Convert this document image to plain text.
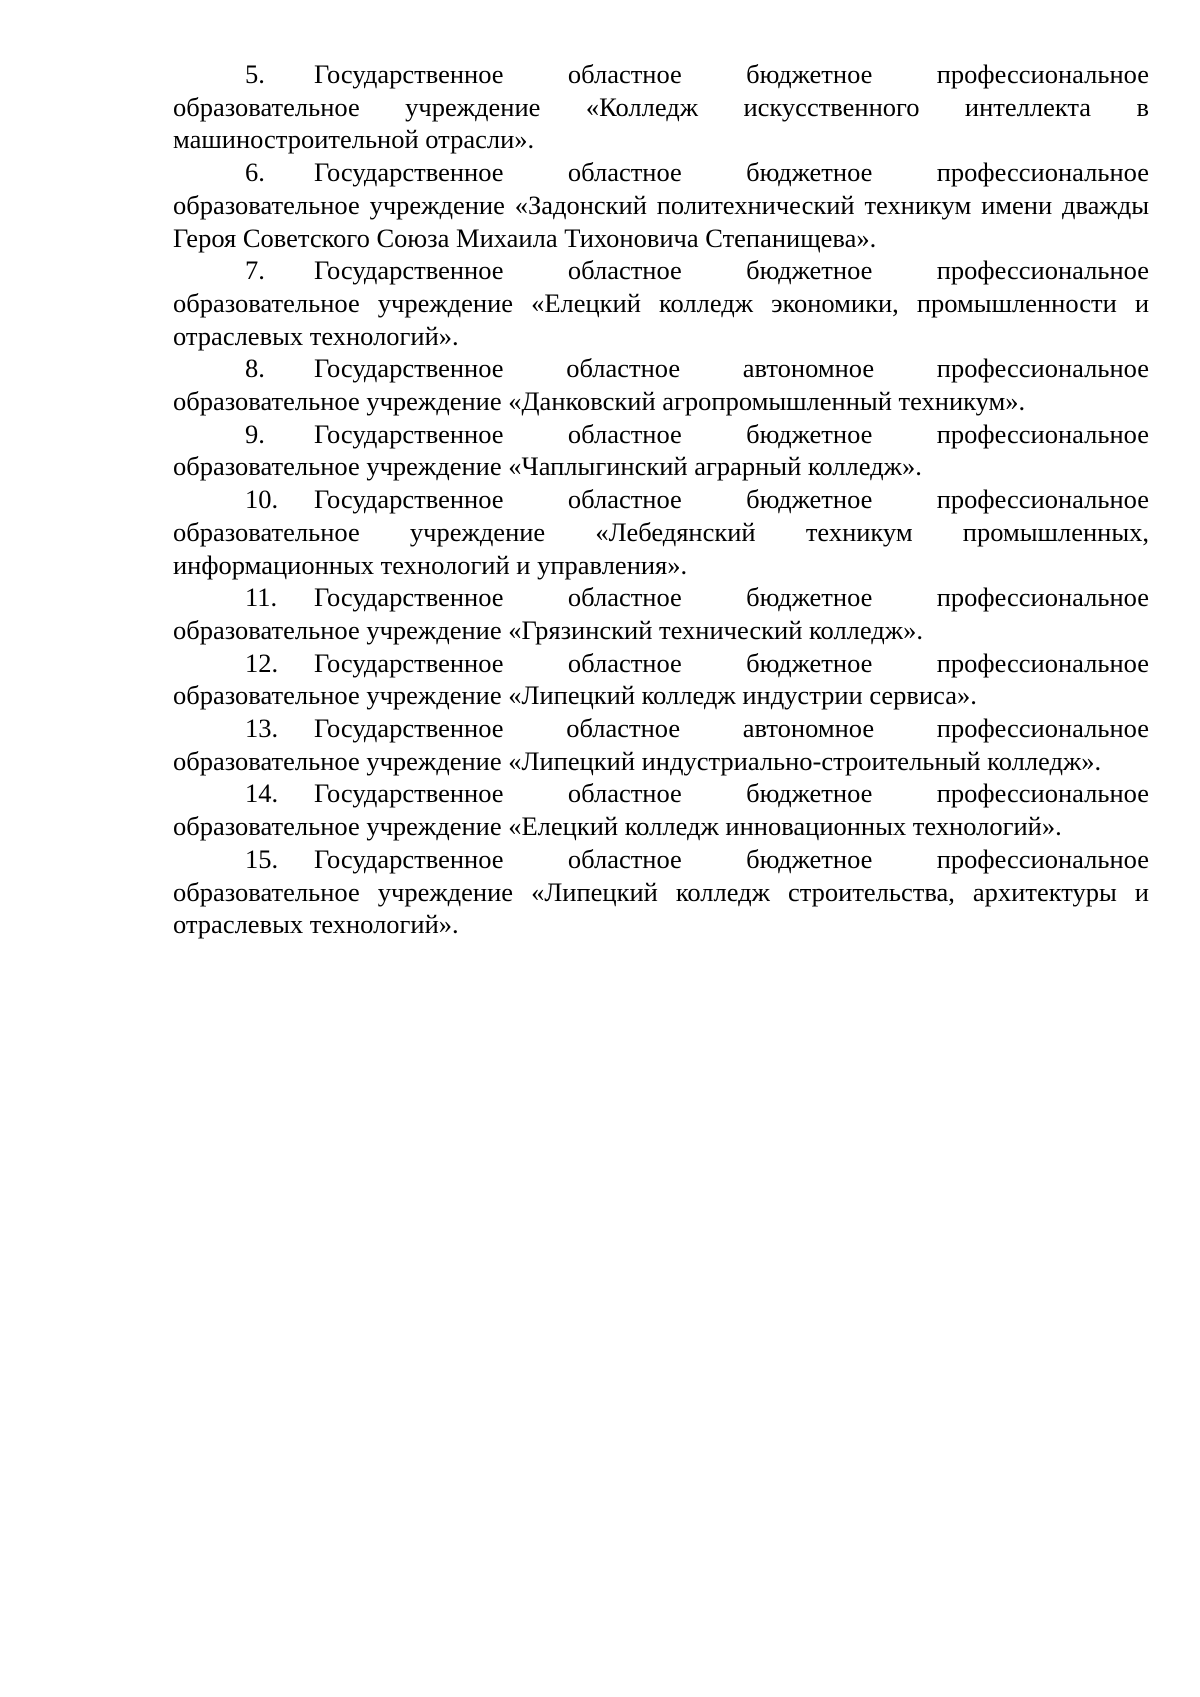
5. Государственное областное бюджетное профессиональное образовательное учреждение «Колледж искусственного интеллекта в машиностроительной отрасли».

6. Государственное областное бюджетное профессиональное образовательное учреждение «Задонский политехнический техникум имени дважды Героя Советского Союза Михаила Тихоновича Степанищева».

7. Государственное областное бюджетное профессиональное образовательное учреждение «Елецкий колледж экономики, промышленности и отраслевых технологий».

8. Государственное областное автономное профессиональное образовательное учреждение «Данковский агропромышленный техникум».

9. Государственное областное бюджетное профессиональное образовательное учреждение «Чаплыгинский аграрный колледж».

10. Государственное областное бюджетное профессиональное образовательное учреждение «Лебедянский техникум промышленных, информационных технологий и управления».

11. Государственное областное бюджетное профессиональное образовательное учреждение «Грязинский технический колледж».

12. Государственное областное бюджетное профессиональное образовательное учреждение «Липецкий колледж индустрии сервиса».

13. Государственное областное автономное профессиональное образовательное учреждение «Липецкий индустриально-строительный колледж».

14. Государственное областное бюджетное профессиональное образовательное учреждение «Елецкий колледж инновационных технологий».

15. Государственное областное бюджетное профессиональное образовательное учреждение «Липецкий колледж строительства, архитектуры и отраслевых технологий».
